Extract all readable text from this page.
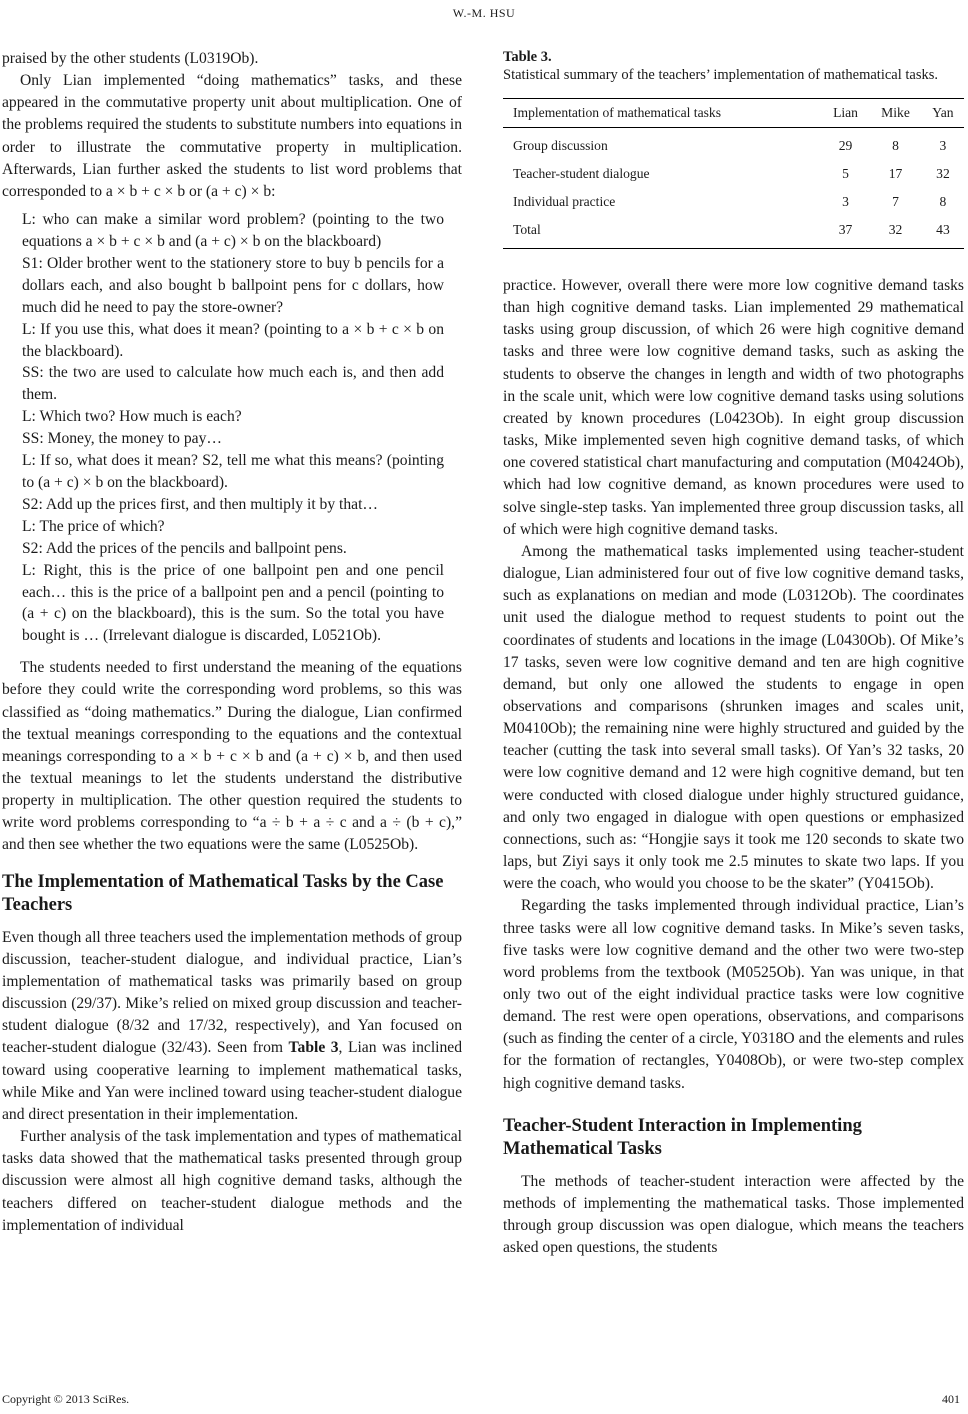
W.-M. HSU

praised by the other students (L0319Ob).

Only Lian implemented “doing mathematics” tasks, and these appeared in the commutative property unit about multiplication. One of the problems required the students to substitute numbers into equations in order to illustrate the commutative property in multiplication. Afterwards, Lian further asked the students to list word problems that corresponded to a × b + c × b or (a + c) × b:

L: who can make a similar word problem? (pointing to the two equations a × b + c × b and (a + c) × b on the blackboard)

S1: Older brother went to the stationery store to buy b pencils for a dollars each, and also bought b ballpoint pens for c dollars, how much did he need to pay the store-owner?

L: If you use this, what does it mean? (pointing to a × b + c × b on the blackboard).

SS: the two are used to calculate how much each is, and then add them.

L: Which two? How much is each?

SS: Money, the money to pay…

L: If so, what does it mean? S2, tell me what this means? (pointing to (a + c) × b on the blackboard).

S2: Add up the prices first, and then multiply it by that…

L: The price of which?

S2: Add the prices of the pencils and ballpoint pens.

L: Right, this is the price of one ballpoint pen and one pencil each… this is the price of a ballpoint pen and a pencil (pointing to (a + c) on the blackboard), this is the sum. So the total you have bought is … (Irrelevant dialogue is discarded, L0521Ob).

The students needed to first understand the meaning of the equations before they could write the corresponding word problems, so this was classified as “doing mathematics.” During the dialogue, Lian confirmed the textual meanings corresponding to the equations and the contextual meanings corresponding to a × b + c × b and (a + c) × b, and then used the textual meanings to let the students understand the distributive property in multiplication. The other question required the students to write word problems corresponding to “a ÷ b + a ÷ c and a ÷ (b + c),” and then see whether the two equations were the same (L0525Ob).

The Implementation of Mathematical Tasks by the Case Teachers

Even though all three teachers used the implementation methods of group discussion, teacher-student dialogue, and individual practice, Lian’s implementation of mathematical tasks was primarily based on group discussion (29/37). Mike’s relied on mixed group discussion and teacher-student dialogue (8/32 and 17/32, respectively), and Yan focused on teacher-student dialogue (32/43). Seen from Table 3, Lian was inclined toward using cooperative learning to implement mathematical tasks, while Mike and Yan were inclined toward using teacher-student dialogue and direct presentation in their implementation.

Further analysis of the task implementation and types of mathematical tasks data showed that the mathematical tasks presented through group discussion were almost all high cognitive demand tasks, although the teachers differed on teacher-student dialogue methods and the implementation of individual

Table 3.

Statistical summary of the teachers’ implementation of mathematical tasks.

Implementation of mathematical tasks	Lian	Mike	Yan
Group discussion	29	8	3
Teacher-student dialogue	5	17	32
Individual practice	3	7	8
Total	37	32	43

practice. However, overall there were more low cognitive demand tasks than high cognitive demand tasks. Lian implemented 29 mathematical tasks using group discussion, of which 26 were high cognitive demand tasks and three were low cognitive demand tasks, such as asking the students to observe the changes in length and width of two photographs in the scale unit, which were low cognitive demand tasks using solutions created by known procedures (L0423Ob). In eight group discussion tasks, Mike implemented seven high cognitive demand tasks, of which one covered statistical chart manufacturing and computation (M0424Ob), which had low cognitive demand, as known procedures were used to solve single-step tasks. Yan implemented three group discussion tasks, all of which were high cognitive demand tasks.

Among the mathematical tasks implemented using teacher-student dialogue, Lian administered four out of five low cognitive demand tasks, such as explanations on median and mode (L0312Ob). The coordinates unit used the dialogue method to request students to point out the coordinates of students and locations in the image (L0430Ob). Of Mike’s 17 tasks, seven were low cognitive demand and ten are high cognitive demand, but only one allowed the students to engage in open observations and comparisons (shrunken images and scales unit, M0410Ob); the remaining nine were highly structured and guided by the teacher (cutting the task into several small tasks). Of Yan’s 32 tasks, 20 were low cognitive demand and 12 were high cognitive demand, but ten were conducted with closed dialogue under highly structured guidance, and only two engaged in dialogue with open questions or emphasized connections, such as: “Hongjie says it took me 120 seconds to skate two laps, but Ziyi says it only took me 2.5 minutes to skate two laps. If you were the coach, who would you choose to be the skater” (Y0415Ob).

Regarding the tasks implemented through individual practice, Lian’s three tasks were all low cognitive demand tasks. In Mike’s seven tasks, five tasks were low cognitive demand and the other two were two-step word problems from the textbook (M0525Ob). Yan was unique, in that only two out of the eight individual practice tasks were low cognitive demand. The rest were open operations, observations, and comparisons (such as finding the center of a circle, Y0318O and the elements and rules for the formation of rectangles, Y0408Ob), or were two-step complex high cognitive demand tasks.

Teacher-Student Interaction in Implementing Mathematical Tasks

The methods of teacher-student interaction were affected by the methods of implementing the mathematical tasks. Those implemented through group discussion was open dialogue, which means the teachers asked open questions, the students

Copyright © 2013 SciRes.	401
